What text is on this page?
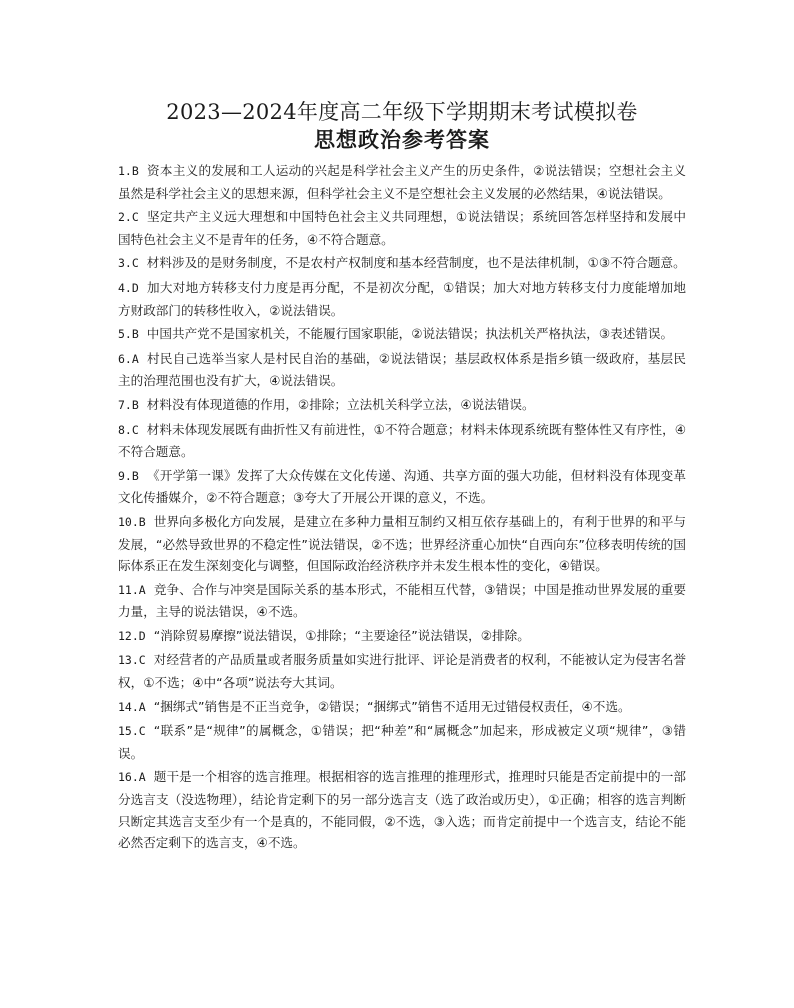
2023—2024年度高二年级下学期期末考试模拟卷
思想政治参考答案
1.B 资本主义的发展和工人运动的兴起是科学社会主义产生的历史条件，②说法错误；空想社会主义虽然是科学社会主义的思想来源，但科学社会主义不是空想社会主义发展的必然结果，④说法错误。
2.C 坚定共产主义远大理想和中国特色社会主义共同理想，①说法错误；系统回答怎样坚持和发展中国特色社会主义不是青年的任务，④不符合题意。
3.C 材料涉及的是财务制度，不是农村产权制度和基本经营制度，也不是法律机制，①③不符合题意。
4.D 加大对地方转移支付力度是再分配，不是初次分配，①错误；加大对地方转移支付力度能增加地方财政部门的转移性收入，②说法错误。
5.B 中国共产党不是国家机关，不能履行国家职能，②说法错误；执法机关严格执法，③表述错误。
6.A 村民自己选举当家人是村民自治的基础，②说法错误；基层政权体系是指乡镇一级政府，基层民主的治理范围也没有扩大，④说法错误。
7.B 材料没有体现道德的作用，②排除；立法机关科学立法，④说法错误。
8.C 材料未体现发展既有曲折性又有前进性，①不符合题意；材料未体现系统既有整体性又有序性，④不符合题意。
9.B 《开学第一课》发挥了大众传媒在文化传递、沟通、共享方面的强大功能，但材料没有体现变革文化传播媒介，②不符合题意；③夸大了开展公开课的意义，不选。
10.B 世界向多极化方向发展，是建立在多种力量相互制约又相互依存基础上的，有利于世界的和平与发展，“必然导致世界的不稳定性”说法错误，②不选；世界经济重心加快“自西向东”位移表明传统的国际体系正在发生深刻变化与调整，但国际政治经济秩序并未发生根本性的变化，④错误。
11.A 竞争、合作与冲突是国际关系的基本形式，不能相互代替，③错误；中国是推动世界发展的重要力量，主导的说法错误，④不选。
12.D “消除贸易摩擦”说法错误，①排除；“主要途径”说法错误，②排除。
13.C 对经营者的产品质量或者服务质量如实进行批评、评论是消费者的权利，不能被认定为侵害名誉权，①不选；④中“各项”说法夸大其词。
14.A “捆绑式”销售是不正当竞争，②错误；“捆绑式”销售不适用无过错侵权责任，④不选。
15.C “联系”是“规律”的属概念，①错误；把“种差”和“属概念”加起来，形成被定义项“规律”，③错误。
16.A 题干是一个相容的选言推理。根据相容的选言推理的推理形式，推理时只能是否定前提中的一部分选言支（没选物理），结论肯定剩下的另一部分选言支（选了政治或历史），①正确；相容的选言判断只断定其选言支至少有一个是真的，不能同假，②不选，③入选；而肯定前提中一个选言支，结论不能必然否定剩下的选言支，④不选。
